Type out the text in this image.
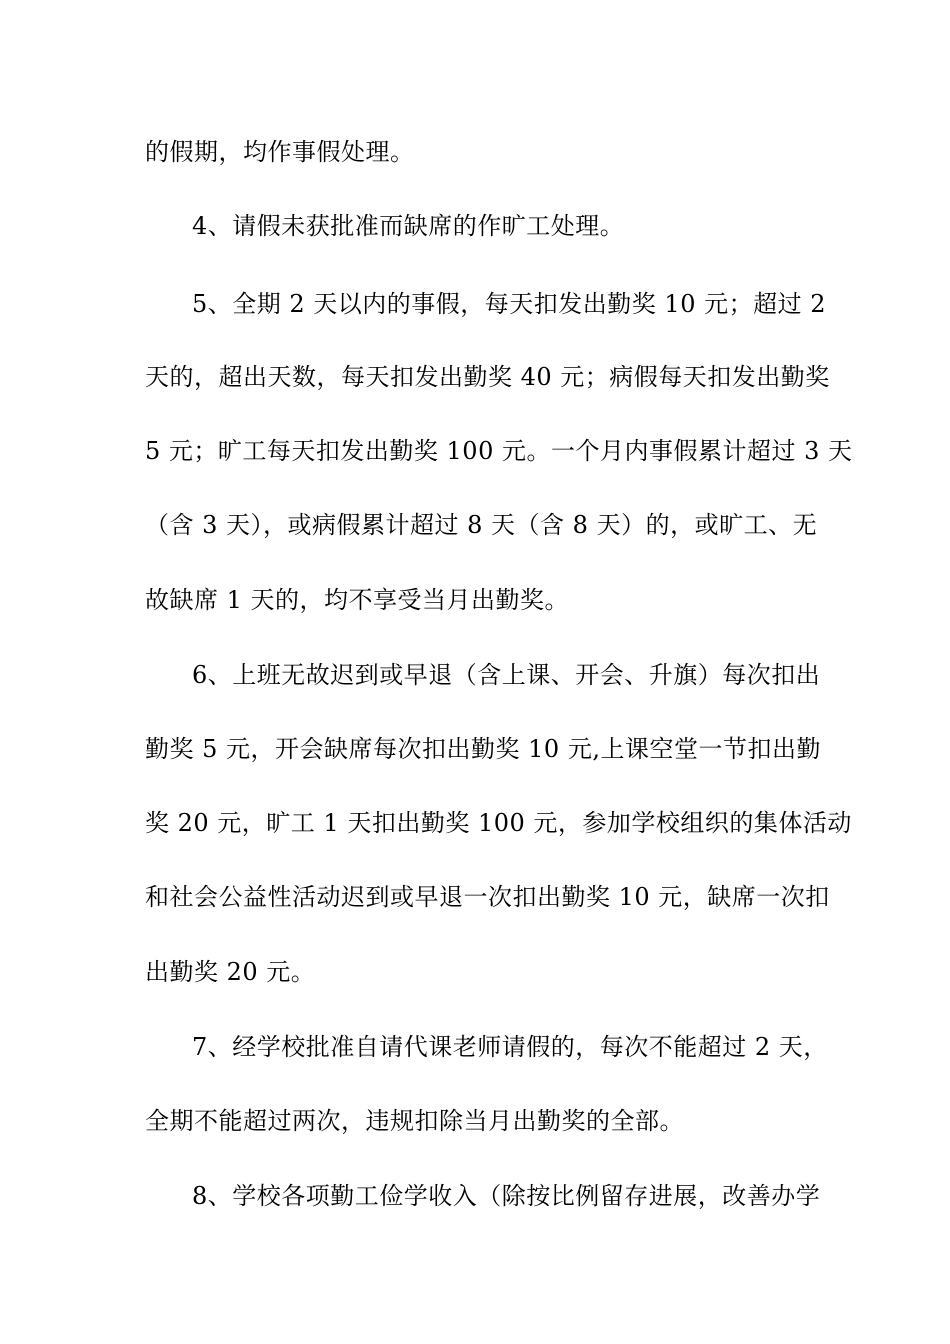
的假期，均作事假处理。
4、请假未获批准而缺席的作旷工处理。
5、全期 2 天以内的事假，每天扣发出勤奖 10 元；超过 2
天的，超出天数，每天扣发出勤奖 40 元；病假每天扣发出勤奖
5 元；旷工每天扣发出勤奖 100 元。一个月内事假累计超过 3 天
（含 3 天），或病假累计超过 8 天（含 8 天）的，或旷工、无
故缺席 1 天的，均不享受当月出勤奖。
6、上班无故迟到或早退（含上课、开会、升旗）每次扣出
勤奖 5 元，开会缺席每次扣出勤奖 10 元,上课空堂一节扣出勤
奖 20 元，旷工 1 天扣出勤奖 100 元，参加学校组织的集体活动
和社会公益性活动迟到或早退一次扣出勤奖 10 元，缺席一次扣
出勤奖 20 元。
7、经学校批准自请代课老师请假的，每次不能超过 2 天，
全期不能超过两次，违规扣除当月出勤奖的全部。
8、学校各项勤工俭学收入（除按比例留存进展，改善办学
